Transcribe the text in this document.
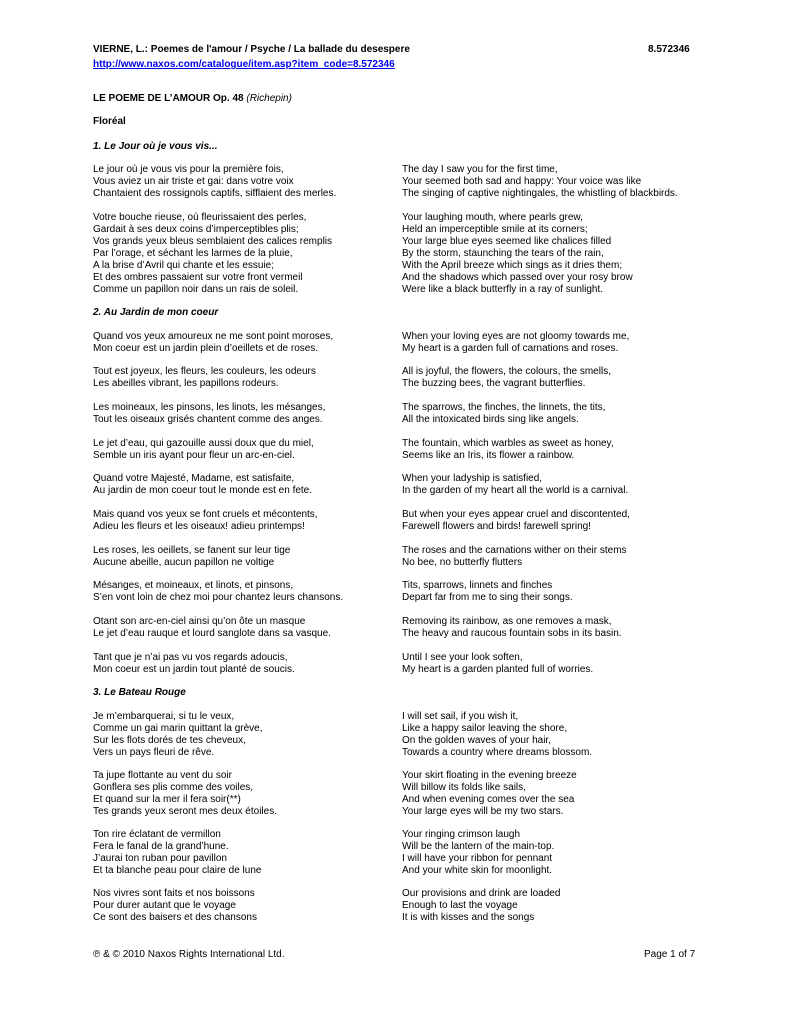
VIERNE, L.: Poemes de l'amour / Psyche / La ballade du desespere	8.572346
http://www.naxos.com/catalogue/item.asp?item_code=8.572346
LE POEME DE L’AMOUR Op. 48 (Richepin)
Floréal
1. Le Jour où je vous vis...
Le jour où je vous vis pour la première fois,
Vous aviez un air triste et gai: dans votre voix
Chantaient des rossignols captifs, sifflaient des merles.
The day I saw you for the first time,
Your seemed both sad and happy: Your voice was like
The singing of captive nightingales, the whistling of blackbirds.
Votre bouche rieuse, où fleurissaient des perles,
Gardait à ses deux coins d’imperceptibles plis;
Vos grands yeux bleus semblaient des calices remplis
Par l’orage, et séchant les larmes de la pluie,
A la brise d’Avril qui chante et les essuie;
Et des ombres passaient sur votre front vermeil
Comme un papillon noir dans un rais de soleil.
Your laughing mouth, where pearls grew,
Held an imperceptible smile at its corners;
Your large blue eyes seemed like chalices filled
By the storm, staunching the tears of the rain,
With the April breeze which sings as it dries them;
And the shadows which passed over your rosy brow
Were like a black butterfly in a ray of sunlight.
2. Au Jardin de mon coeur
Quand vos yeux amoureux ne me sont point moroses,
Mon coeur est un jardin plein d’oeillets et de roses.
When your loving eyes are not gloomy towards me,
My heart is a garden full of carnations and roses.
Tout est joyeux, les fleurs, les couleurs, les odeurs
Les abeilles vibrant, les papillons rodeurs.
All is joyful, the flowers, the colours, the smells,
The buzzing bees, the vagrant butterflies.
Les moineaux, les pinsons, les linots, les mésanges,
Tout les oiseaux grisés chantent comme des anges.
The sparrows, the finches, the linnets, the tits,
All the intoxicated birds sing like angels.
Le jet d’eau, qui gazouille aussi doux que du miel,
Semble un iris ayant pour fleur un arc-en-ciel.
The fountain, which warbles as sweet as honey,
Seems like an Iris, its flower a rainbow.
Quand votre Majesté, Madame, est satisfaite,
Au jardin de mon coeur tout le monde est en fete.
When your ladyship is satisfied,
In the garden of my heart all the world is a carnival.
Mais quand vos yeux se font cruels et mécontents,
Adieu les fleurs et les oiseaux! adieu printemps!
But when your eyes appear cruel and discontented,
Farewell flowers and birds! farewell spring!
Les roses, les oeillets, se fanent sur leur tige
Aucune abeille, aucun papillon ne voltige
The roses and the carnations wither on their stems
No bee, no butterfly flutters
Mésanges, et moineaux, et linots, et pinsons,
S’en vont loin de chez moi pour chantez leurs chansons.
Tits, sparrows, linnets and finches
Depart far from me to sing their songs.
Otant son arc-en-ciel ainsi qu’on ôte un masque
Le jet d’eau rauque et lourd sanglote dans sa vasque.
Removing its rainbow, as one removes a mask,
The heavy and raucous fountain sobs in its basin.
Tant que je n’ai pas vu vos regards adoucis,
Mon coeur est un jardin tout planté de soucis.
Until I see your look soften,
My heart is a garden planted full of worries.
3. Le Bateau Rouge
Je m’embarquerai, si tu le veux,
Comme un gai marin quittant la grève,
Sur les flots dorés de tes cheveux,
Vers un pays fleuri de rêve.
I will set sail, if you wish it,
Like a happy sailor leaving the shore,
On the golden waves of your hair,
Towards a country where dreams blossom.
Ta jupe flottante au vent du soir
Gonflera ses plis comme des voiles,
Et quand sur la mer il fera soir(**)
Tes grands yeux seront mes deux étoiles.
Your skirt floating in the evening breeze
Will billow its folds like sails,
And when evening comes over the sea
Your large eyes will be my two stars.
Ton rire éclatant de vermillon
Fera le fanal de la grand’hune.
J’aurai ton ruban pour pavillon
Et ta blanche peau pour claire de lune
Your ringing crimson laugh
Will be the lantern of the main-top.
I will have your ribbon for pennant
And your white skin for moonlight.
Nos vivres sont faits et nos boissons
Pour durer autant que le voyage
Ce sont des baisers et des chansons
Our provisions and drink are loaded
Enough to last the voyage
It is with kisses and the songs
℗ & © 2010 Naxos Rights International Ltd.	Page 1 of 7
